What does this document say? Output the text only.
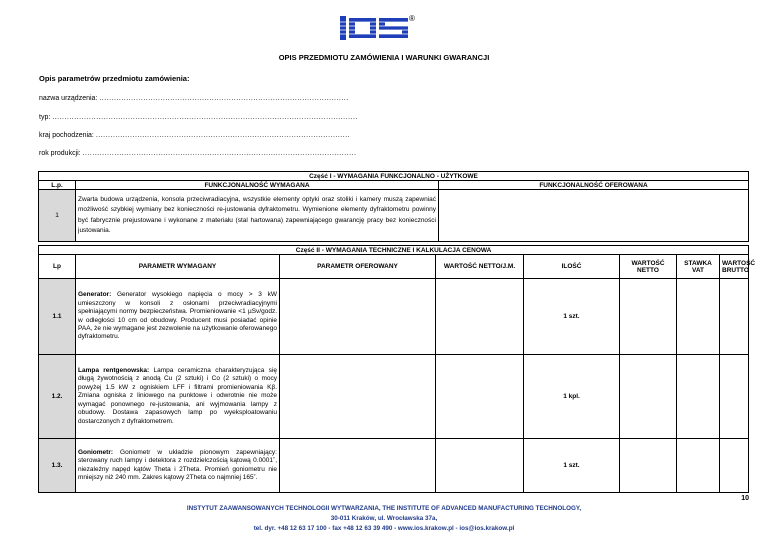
®
OPIS PRZEDMIOTU ZAMÓWIENIA I WARUNKI GWARANCJI
Opis parametrów przedmiotu zamówienia:
nazwa urządzenia: ......................................................................................................
typ: .............................................................................................................................
kraj pochodzenia: ........................................................................................................
rok produkcji: ................................................................................................................
Część I - WYMAGANIA FUNKCJONALNO - UŻYTKOWE		
L.p.	FUNKCJONALNOŚĆ WYMAGANA	FUNKCJONALNOŚĆ OFEROWANA
1	Zwarta budowa urządzenia, konsola przeciwradiacyjna, wszystkie elementy optyki oraz stoliki i kamery muszą zapewniać możliwość szybkiej wymiany bez konieczności re-justowania dyfraktometru. Wymienione elementy dyfraktometru powinny być fabrycznie prejustowane i wykonane z materiału (stal hartowana) zapewniającego gwarancję pracy bez konieczności justowania.	
Część II - WYMAGANIA TECHNICZNE I KALKULACJA CENOWA							
Lp	PARAMETR WYMAGANY	PARAMETR OFEROWANY	WARTOŚĆ NETTO/J.M.	ILOŚĆ	WARTOŚĆ NETTO	STAWKA VAT	WARTOŚĆ BRUTTO
1.1	Generator: Generator wysokiego napięcia o mocy > 3 kW umieszczony w konsoli z osłonami przeciwradiacyjnymi spełniającymi normy bezpieczeństwa. Promieniowanie <1 µSv/godz. w odległości 10 cm od obudowy. Producent musi posiadać opinie PAA, że nie wymagane jest zezwolenie na użytkowanie oferowanego dyfraktometru.			1 szt.			
1.2.	Lampa rentgenowska: Lampa ceramiczna charakteryzująca się długą żywotnością z anodą Cu (2 sztuki) i Co (2 sztuki) o mocy powyżej 1.5 kW z ogniskiem LFF i filtrami promieniowania Kβ. Zmiana ogniska z liniowego na punktowe i odwrotnie nie może wymagać ponownego re-justowania, ani wyjmowania lampy z obudowy. Dostawa zapasowych lamp po wyeksploatowaniu dostarczonych z dyfraktometrem.			1 kpl.			
1.3.	Goniometr: Goniometr w układzie pionowym zapewniający: sterowany ruch lampy i detektora z rozdzielczością kątową 0.0001˚, niezależny napęd kątów Theta i 2Theta. Promień goniometru nie mniejszy niż 240 mm. Zakres kątowy 2Theta co najmniej 165˚.			1 szt.			
10
INSTYTUT ZAAWANSOWANYCH TECHNOLOGII WYTWARZANIA, THE INSTITUTE OF ADVANCED MANUFACTURING TECHNOLOGY,
30-011 Kraków, ul. Wrocławska 37a,
tel. dyr. +48 12 63 17 100 - fax +48 12 63 39 490 - www.ios.krakow.pl - ios@ios.krakow.pl
